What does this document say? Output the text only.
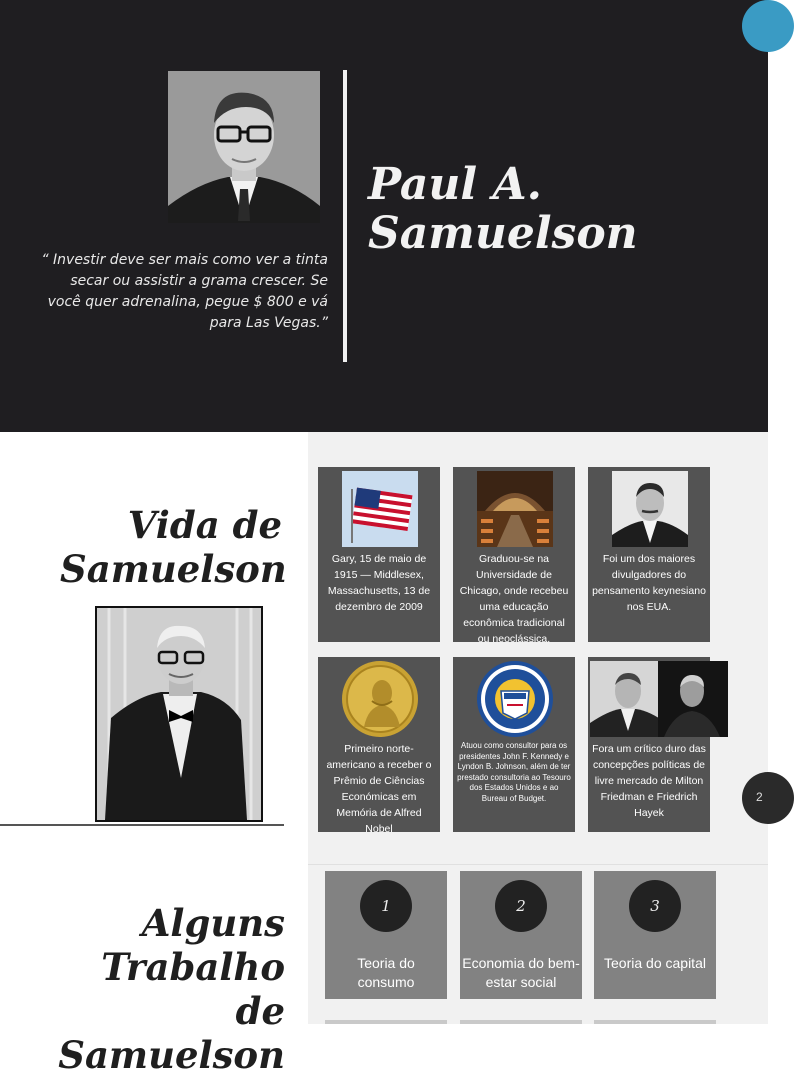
“ Investir deve ser mais como ver a tinta secar ou assistir a grama crescer. Se você quer adrenalina, pegue $ 800 e vá para Las Vegas.”

Paul A. Samuelson
Vida de Samuelson	Gary, 15 de maio de 1915 — Middlesex, Massachusetts, 13 de dezembro de 2009

Graduou-se na Universidade de Chicago, onde recebeu uma educação econômica tradicional ou neoclássica.

Foi um dos maiores divulgadores do pensamento keynesiano nos EUA.

Primeiro norte-americano a receber o Prêmio de Ciências Económicas em Memória de Alfred Nobel

Atuou como consultor para os presidentes John F. Kennedy e Lyndon B. Johnson, além de ter prestado consultoria ao Tesouro dos Estados Unidos e ao Bureau of Budget.

Fora um crítico duro das concepções políticas de livre mercado de Milton Friedman e Friedrich Hayek

2
Alguns Trabalho de Samuelson
1

Teoria do consumo

2

Economia do bem-estar social

3

Teoria do capital
